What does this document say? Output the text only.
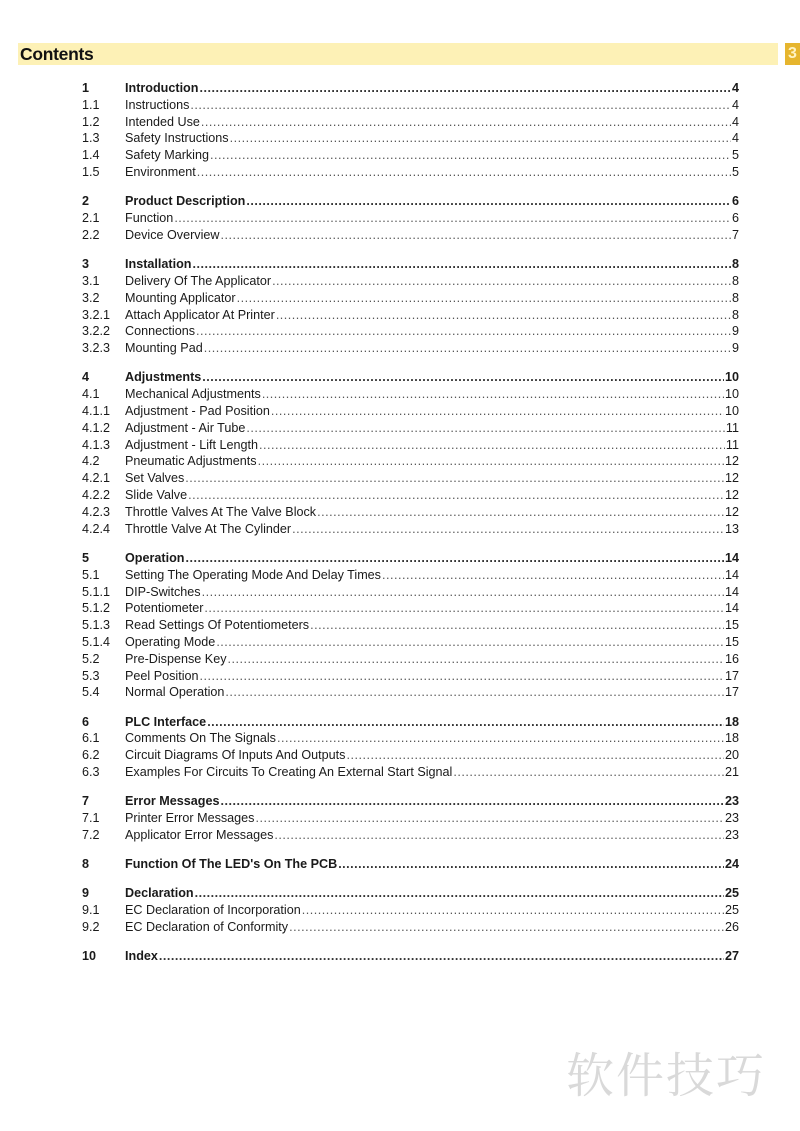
Contents	3
1	Introduction .....	4
1.1	Instructions .....	4
1.2	Intended Use .....	4
1.3	Safety Instructions .....	4
1.4	Safety Marking .....	5
1.5	Environment .....	5
2	Product Description .....	6
2.1	Function .....	6
2.2	Device Overview .....	7
3	Installation .....	8
3.1	Delivery Of The Applicator .....	8
3.2	Mounting Applicator .....	8
3.2.1	Attach Applicator At Printer .....	8
3.2.2	Connections .....	9
3.2.3	Mounting Pad .....	9
4	Adjustments .....	10
4.1	Mechanical Adjustments .....	10
4.1.1	Adjustment - Pad Position .....	10
4.1.2	Adjustment - Air Tube .....	11
4.1.3	Adjustment - Lift Length .....	11
4.2	Pneumatic Adjustments .....	12
4.2.1	Set Valves .....	12
4.2.2	Slide Valve .....	12
4.2.3	Throttle Valves At The Valve Block .....	12
4.2.4	Throttle Valve At The Cylinder .....	13
5	Operation .....	14
5.1	Setting The Operating Mode And Delay Times .....	14
5.1.1	DIP-Switches .....	14
5.1.2	Potentiometer .....	14
5.1.3	Read Settings Of Potentiometers .....	15
5.1.4	Operating Mode .....	15
5.2	Pre-Dispense Key .....	16
5.3	Peel Position .....	17
5.4	Normal Operation .....	17
6	PLC Interface .....	18
6.1	Comments On The Signals .....	18
6.2	Circuit Diagrams Of Inputs And Outputs .....	20
6.3	Examples For Circuits To Creating An External Start Signal .....	21
7	Error Messages .....	23
7.1	Printer Error Messages .....	23
7.2	Applicator Error Messages .....	23
8	Function Of The LED's On The PCB .....	24
9	Declaration .....	25
9.1	EC Declaration of Incorporation .....	25
9.2	EC Declaration of Conformity .....	26
10	Index .....	27
软件技巧
